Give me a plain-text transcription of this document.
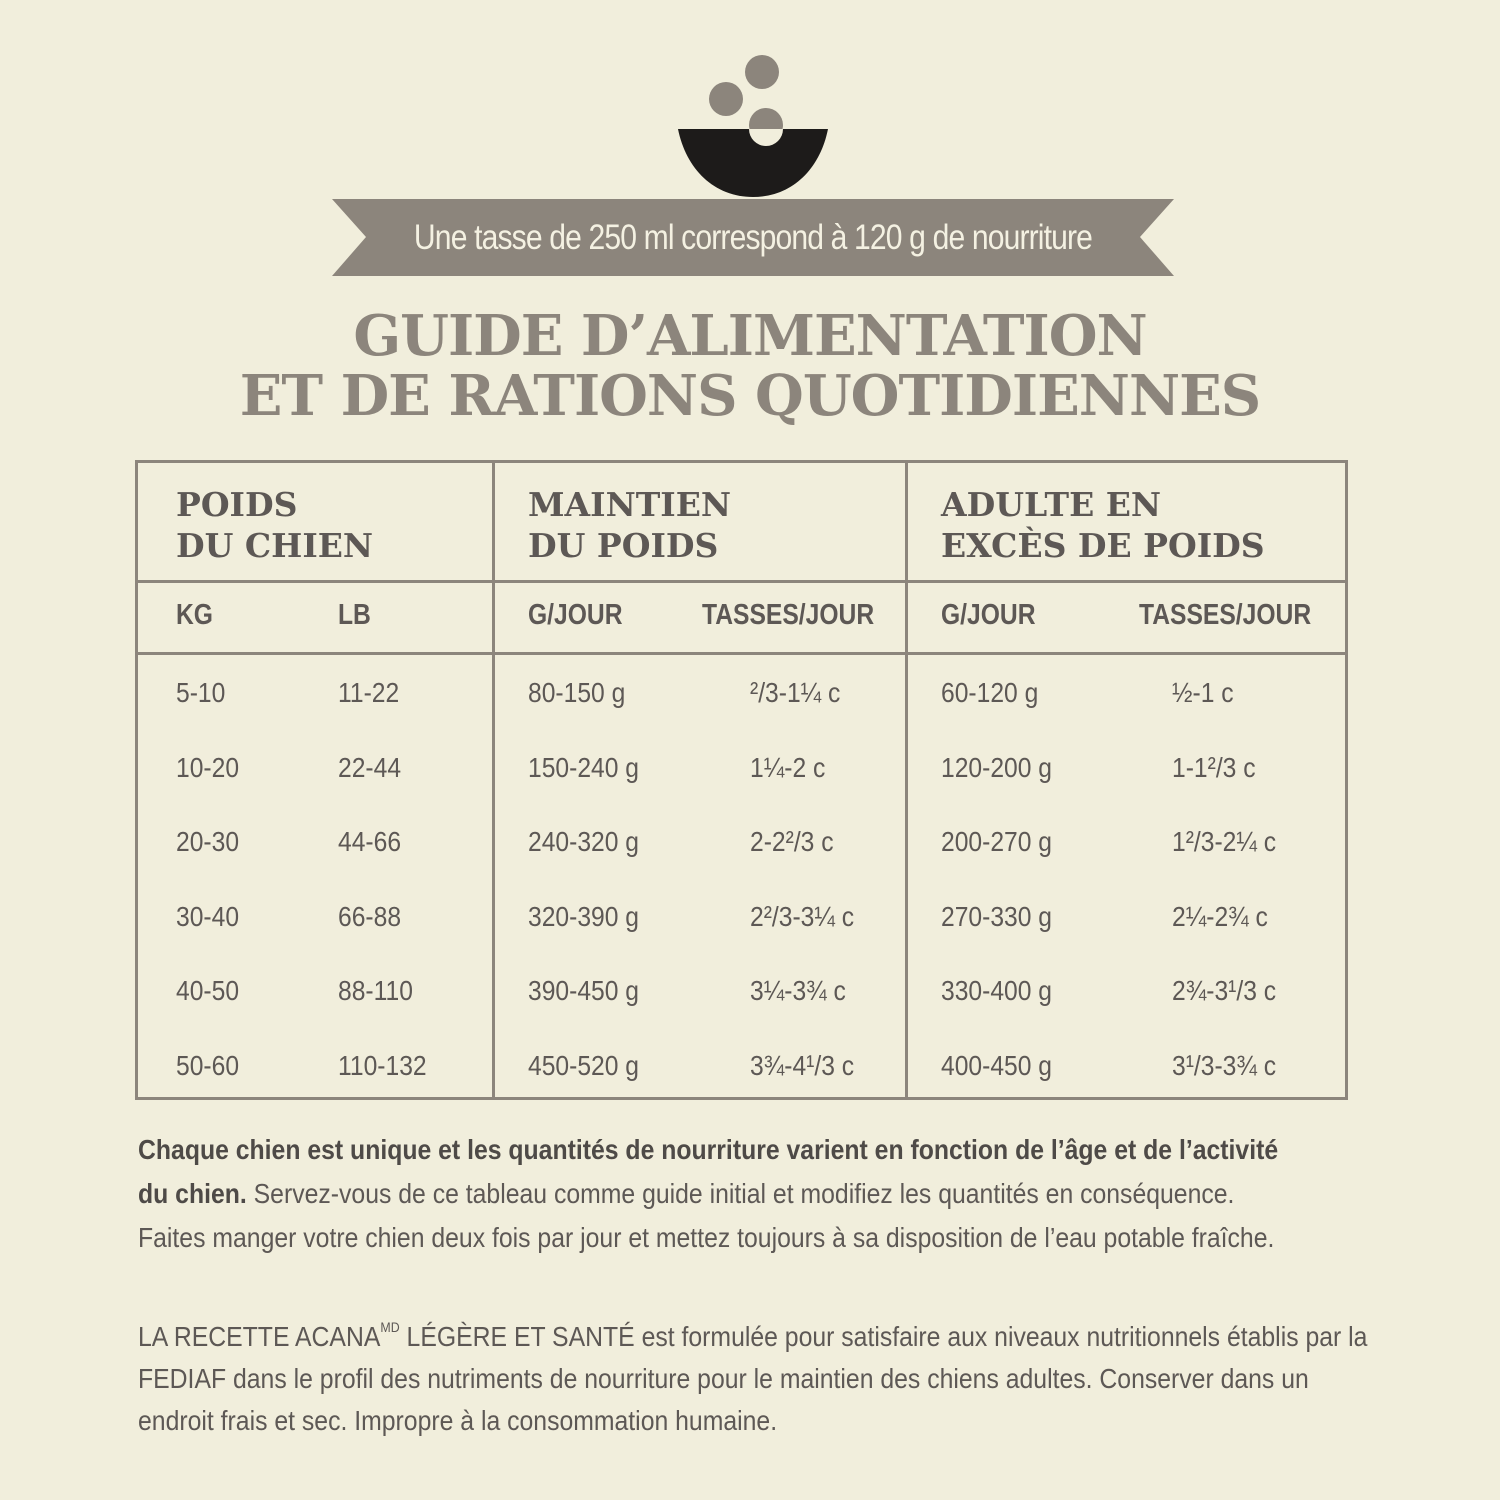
Une tasse de 250 ml correspond à 120 g de nourriture
GUIDE D’ALIMENTATION
ET DE RATIONS QUOTIDIENNES
POIDS
DU CHIEN
MAINTIEN
DU POIDS
ADULTE EN
EXCÈS DE POIDS
KG	LB	G/JOUR	TASSES/JOUR G/JOUR	TASSES/JOUR
5-10	11-22	80-150 g	²/3-1¼ c	60-120 g	½-1 c
10-20	22-44	150-240 g	1¼-2 c	120-200 g	1-1²/3 c
20-30	44-66	240-320 g	2-2²/3 c	200-270 g	1²/3-2¼ c
30-40	66-88	320-390 g	2²/3-3¼ c	270-330 g	2¼-2¾ c
40-50	88-110	390-450 g	3¼-3¾ c	330-400 g	2¾-3¹/3 c
50-60	110-132	450-520 g	3¾-4¹/3 c	400-450 g	3¹/3-3¾ c
Chaque chien est unique et les quantités de nourriture varient en fonction de l’âge et de l’activité
du chien. Servez-vous de ce tableau comme guide initial et modifiez les quantités en conséquence.
Faites manger votre chien deux fois par jour et mettez toujours à sa disposition de l’eau potable fraîche.
LA RECETTE $ACANA^{MD}$ LÉGÈRE ET SANTÉ est formulée pour satisfaire aux niveaux nutritionnels établis par la
FEDIAF dans le profil des nutriments de nourriture pour le maintien des chiens adultes. Conserver dans un
endroit frais et sec. Impropre à la consommation humaine.
